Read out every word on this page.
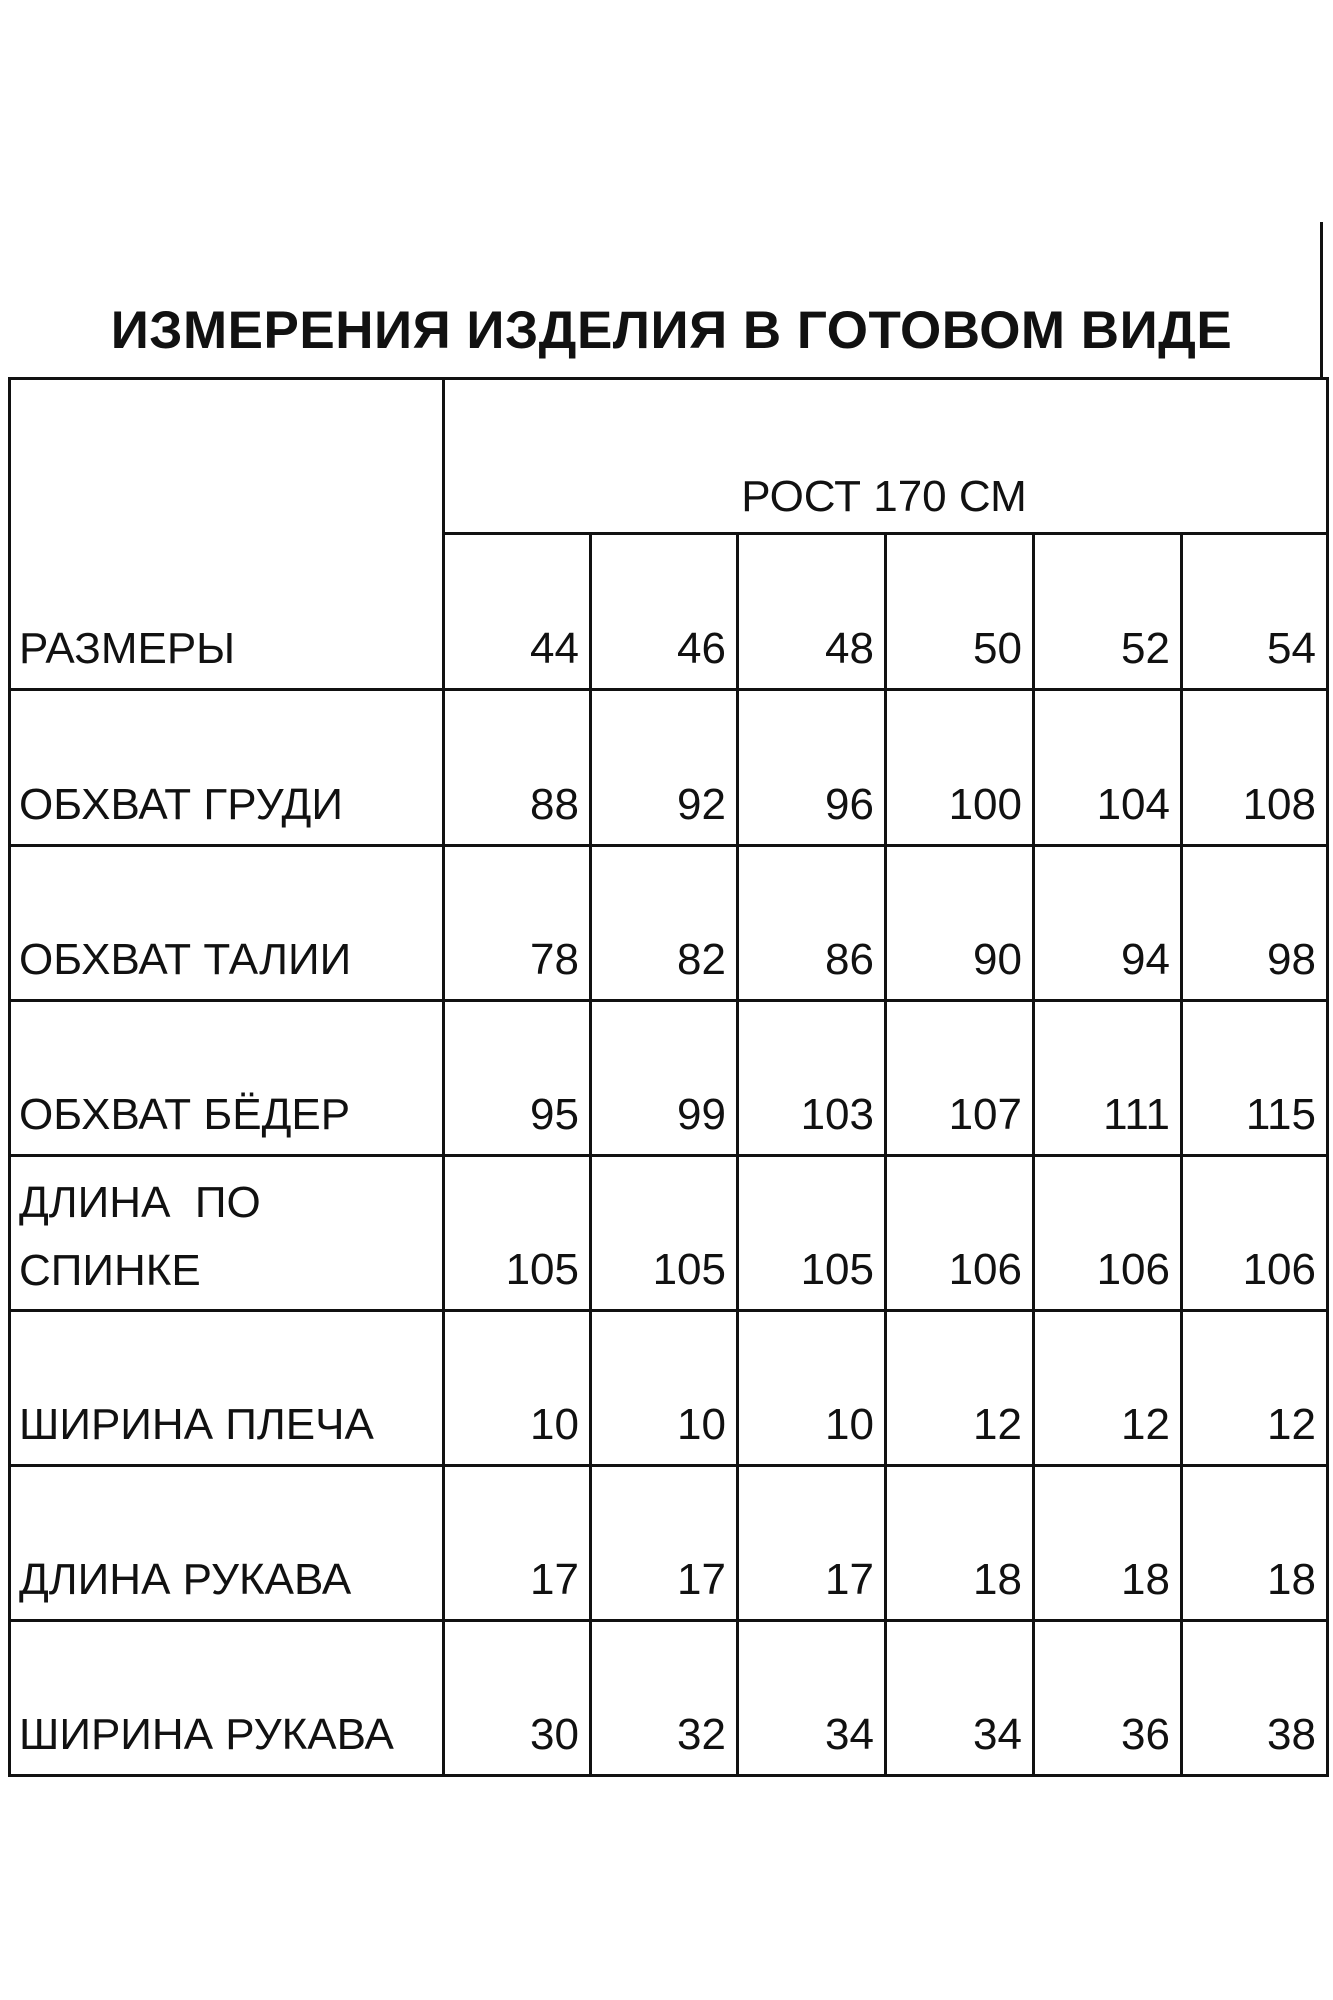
ИЗМЕРЕНИЯ ИЗДЕЛИЯ В ГОТОВОМ ВИДЕ
РОСТ 170 СМ
РАЗМЕРЫ	44	46	48	50	52	54
ОБХВАТ ГРУДИ	88	92	96	100	104	108
ОБХВАТ ТАЛИИ	78	82	86	90	94	98
ОБХВАТ БЁДЕР	95	99	103	107	111	115
ДЛИНА  ПО СПИНКЕ	105	105	105	106	106	106
ШИРИНА ПЛЕЧА	10	10	10	12	12	12
ДЛИНА РУКАВА	17	17	17	18	18	18
ШИРИНА РУКАВА	30	32	34	34	36	38
